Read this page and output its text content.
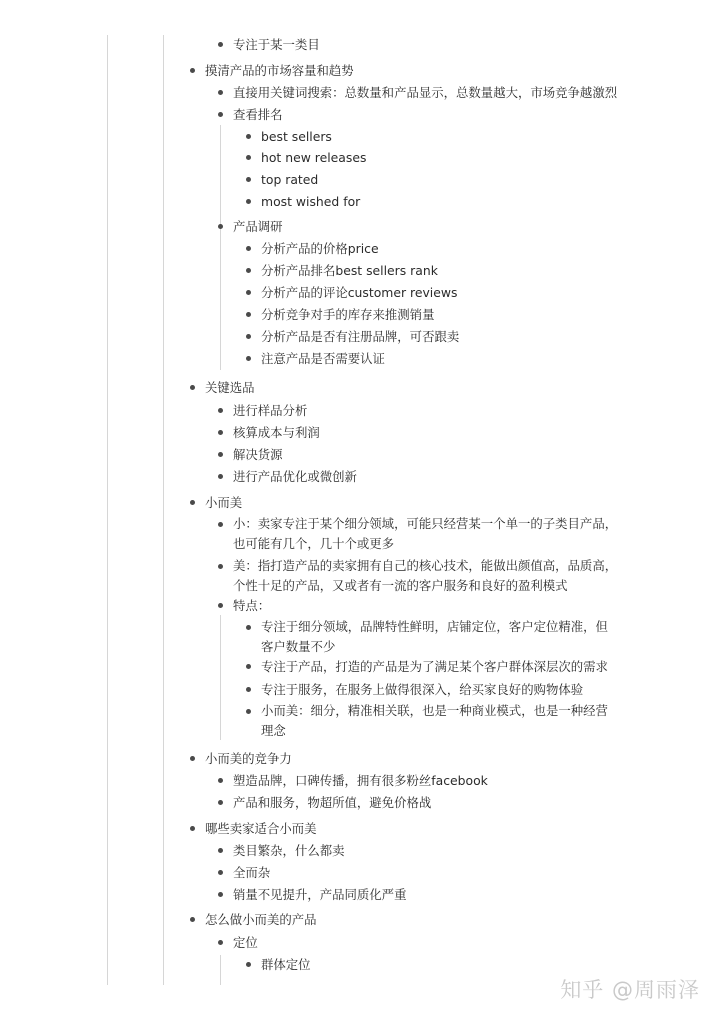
专注于某一类目
摸清产品的市场容量和趋势
直接用关键词搜索：总数量和产品显示，总数量越大，市场竞争越激烈
查看排名
best sellers
hot new releases
top rated
most wished for
产品调研
分析产品的价格price
分析产品排名best sellers rank
分析产品的评论customer reviews
分析竞争对手的库存来推测销量
分析产品是否有注册品牌，可否跟卖
注意产品是否需要认证
关键选品
进行样品分析
核算成本与利润
解决货源
进行产品优化或微创新
小而美
小：卖家专注于某个细分领域，可能只经营某一个单一的子类目产品，
也可能有几个，几十个或更多
美：指打造产品的卖家拥有自己的核心技术，能做出颜值高，品质高，
个性十足的产品，又或者有一流的客户服务和良好的盈利模式
特点：
专注于细分领域，品牌特性鲜明，店铺定位，客户定位精准，但
客户数量不少
专注于产品，打造的产品是为了满足某个客户群体深层次的需求
专注于服务，在服务上做得很深入，给买家良好的购物体验
小而美：细分，精准相关联，也是一种商业模式，也是一种经营
理念
小而美的竞争力
塑造品牌，口碑传播，拥有很多粉丝facebook
产品和服务，物超所值，避免价格战
哪些卖家适合小而美
类目繁杂，什么都卖
全而杂
销量不见提升，产品同质化严重
怎么做小而美的产品
定位
群体定位
知乎 @周雨泽
